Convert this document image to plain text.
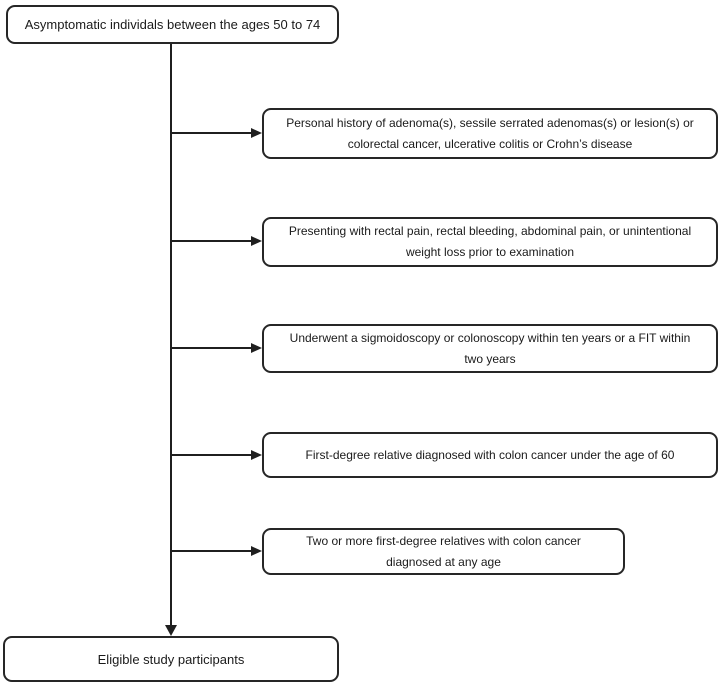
Asymptomatic individals between the ages 50 to 74
Personal history of adenoma(s), sessile serrated adenomas(s) or lesion(s) or
colorectal cancer, ulcerative colitis or Crohn’s disease
Presenting with rectal pain, rectal bleeding, abdominal pain, or unintentional
weight loss prior to examination
Underwent a sigmoidoscopy or colonoscopy within ten years or a FIT within
two years
First-degree relative diagnosed with colon cancer under the age of 60
Two or more first-degree relatives with colon cancer
diagnosed at any age
Eligible study participants
